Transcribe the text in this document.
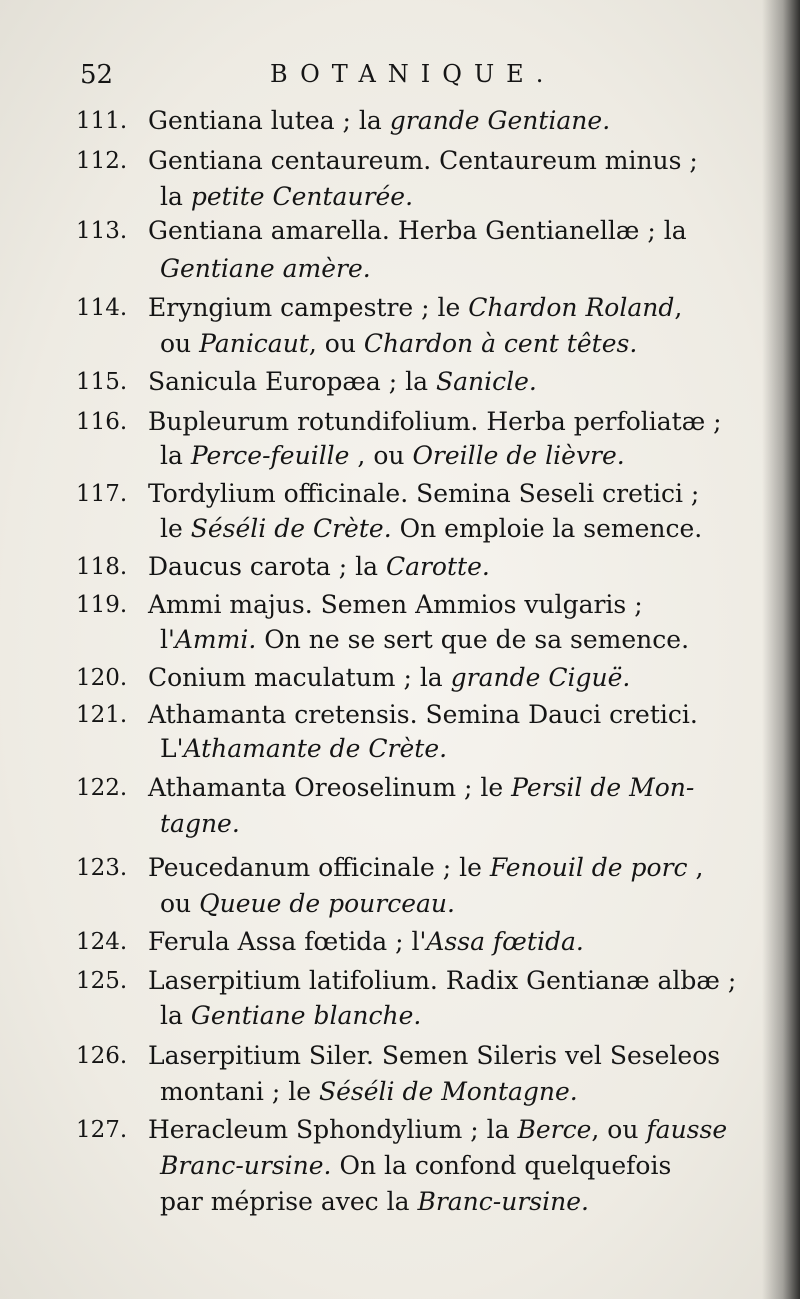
52	BOTANIQUE.
111. Gentiana lutea ; la grande Gentiane.
112. Gentiana centaureum. Centaureum minus ;
la petite Centaurée.
113. Gentiana amarella. Herba Gentianellæ ; la
Gentiane amère.
114. Eryngium campestre ; le Chardon Roland,
ou Panicaut, ou Chardon à cent têtes.
115. Sanicula Europæa ; la Sanicle.
116. Bupleurum rotundifolium. Herba perfoliatæ ;
la Perce-feuille , ou Oreille de lièvre.
117. Tordylium officinale. Semina Seseli cretici ;
le Séséli de Crète. On emploie la semence.
118. Daucus carota ; la Carotte.
119. Ammi majus. Semen Ammios vulgaris ;
l'Ammi. On ne se sert que de sa semence.
120. Conium maculatum ; la grande Ciguë.
121. Athamanta cretensis. Semina Dauci cretici.
L'Athamante de Crète.
122. Athamanta Oreoselinum ; le Persil de Mon-
tagne.
123. Peucedanum officinale ; le Fenouil de porc ,
ou Queue de pourceau.
124. Ferula Assa fœtida ; l'Assa fœtida.
125. Laserpitium latifolium. Radix Gentianæ albæ ;
la Gentiane blanche.
126. Laserpitium Siler. Semen Sileris vel Seseleos
montani ; le Séséli de Montagne.
127. Heracleum Sphondylium ; la Berce, ou fausse
Branc-ursine. On la confond quelquefois
par méprise avec la Branc-ursine.
